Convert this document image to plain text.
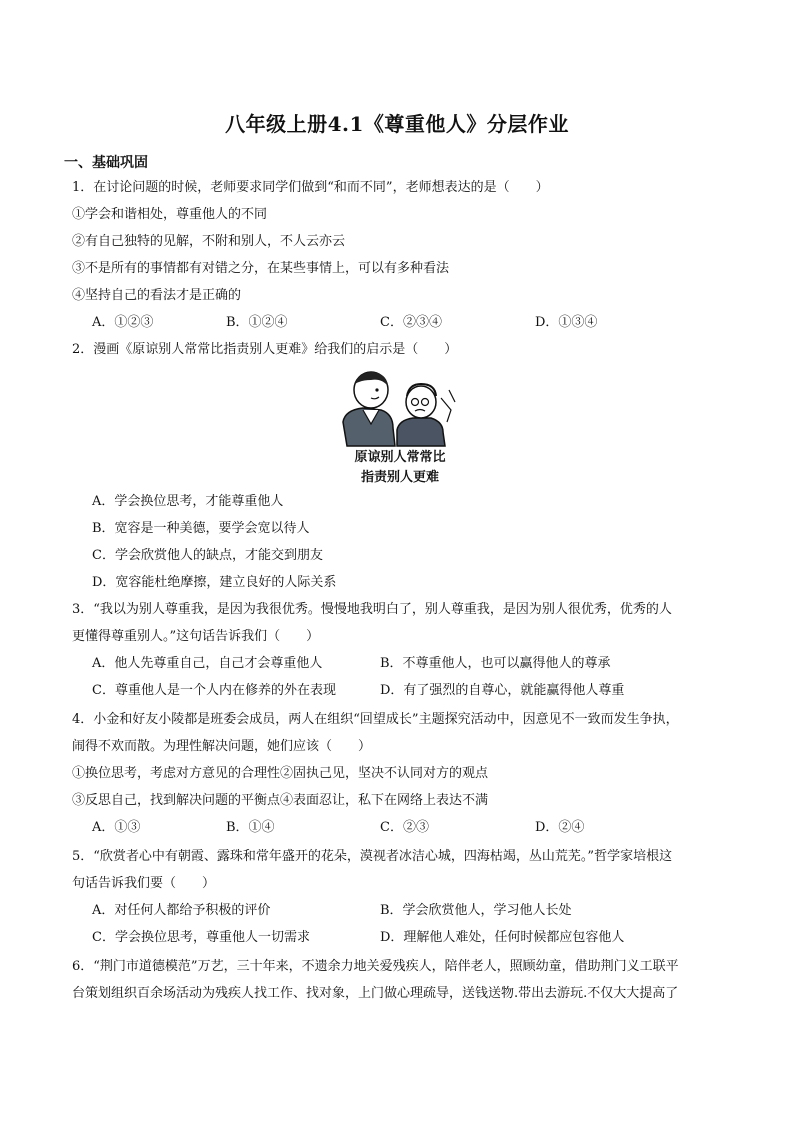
八年级上册4.1《尊重他人》分层作业
一、基础巩固
1．在讨论问题的时候，老师要求同学们做到“和而不同”，老师想表达的是（　　）
①学会和谐相处，尊重他人的不同
②有自己独特的见解，不附和别人，不人云亦云
③不是所有的事情都有对错之分，在某些事情上，可以有多种看法
④坚持自己的看法才是正确的
A．①②③	B．①②④	C．②③④	D．①③④
2．漫画《原谅别人常常比指责别人更难》给我们的启示是（　　）
原谅别人常常比
指责别人更难
A．学会换位思考，才能尊重他人
B．宽容是一种美德，要学会宽以待人
C．学会欣赏他人的缺点，才能交到朋友
D．宽容能杜绝摩擦，建立良好的人际关系
3．“我以为别人尊重我，是因为我很优秀。慢慢地我明白了，别人尊重我，是因为别人很优秀，优秀的人
更懂得尊重别人。”这句话告诉我们（　　）
A．他人先尊重自己，自己才会尊重他人	B．不尊重他人，也可以赢得他人的尊承
C．尊重他人是一个人内在修养的外在表现	D．有了强烈的自尊心，就能赢得他人尊重
4．小金和好友小陵都是班委会成员，两人在组织“回望成长”主题探究活动中，因意见不一致而发生争执，
闹得不欢而散。为理性解决问题，她们应该（　　）
①换位思考，考虑对方意见的合理性②固执己见，坚决不认同对方的观点
③反思自己，找到解决问题的平衡点④表面忍让，私下在网络上表达不满
A．①③	B．①④	C．②③	D．②④
5．“欣赏者心中有朝霞、露珠和常年盛开的花朵，漠视者冰洁心城，四海枯竭，丛山荒芜。”哲学家培根这
句话告诉我们要（　　）
A．对任何人都给予积极的评价	B．学会欣赏他人，学习他人长处
C．学会换位思考，尊重他人一切需求	D．理解他人难处，任何时候都应包容他人
6．“荆门市道德模范”万艺，三十年来，不遗余力地关爱残疾人，陪伴老人，照顾幼童，借助荆门义工联平
台策划组织百余场活动为残疾人找工作、找对象，上门做心理疏导，送钱送物.带出去游玩.不仅大大提高了
